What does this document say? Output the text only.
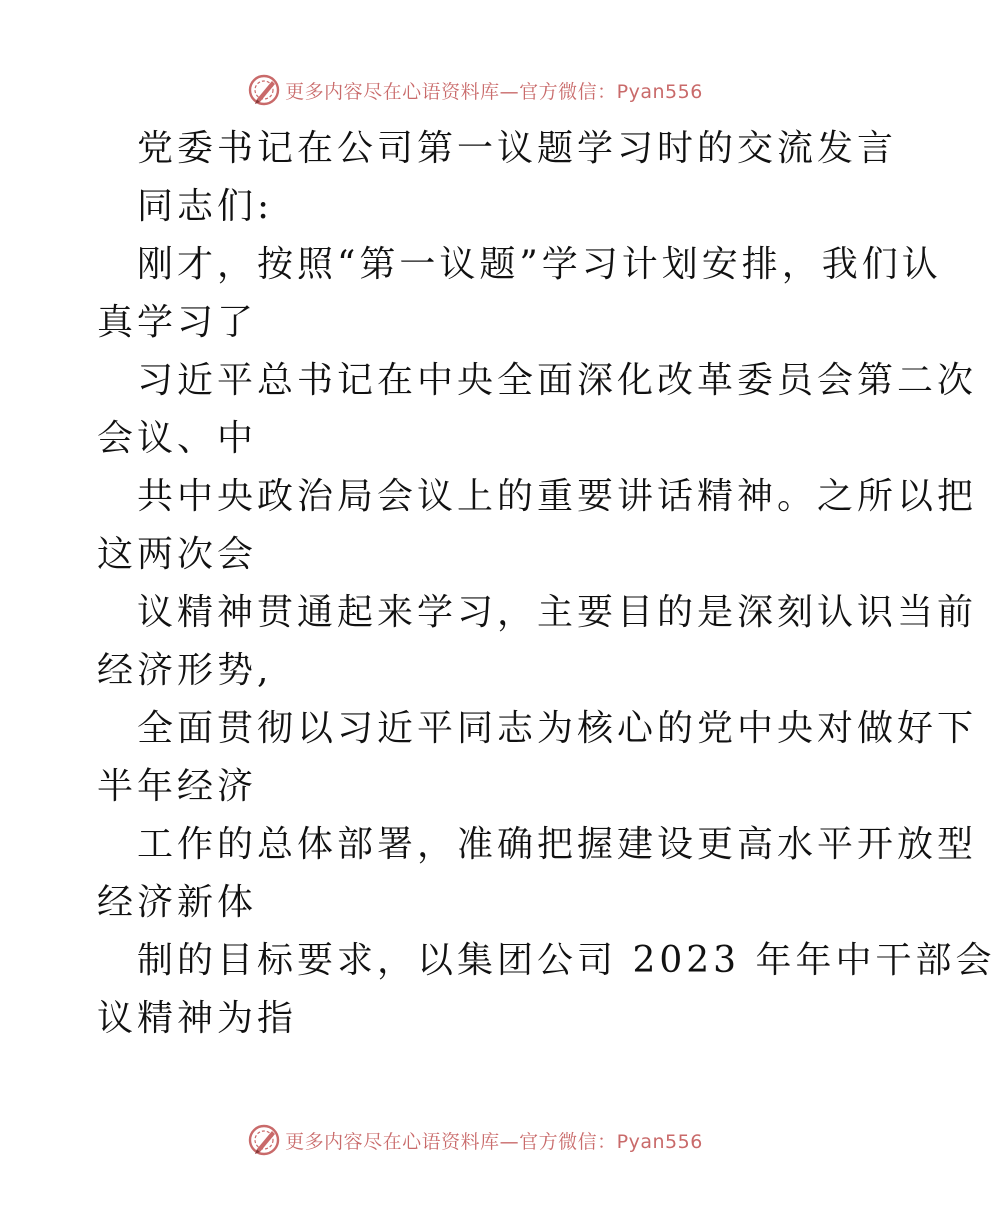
更多内容尽在心语资料库—官方微信：Pyan556
党委书记在公司第一议题学习时的交流发言
同志们:
刚才，按照“第一议题”学习计划安排，我们认
真学习了
习近平总书记在中央全面深化改革委员会第二次
会议、中
共中央政治局会议上的重要讲话精神。之所以把
这两次会
议精神贯通起来学习，主要目的是深刻认识当前
经济形势,
全面贯彻以习近平同志为核心的党中央对做好下
半年经济
工作的总体部署，准确把握建设更高水平开放型
经济新体
制的目标要求，以集团公司 2023 年年中干部会
议精神为指
更多内容尽在心语资料库—官方微信：Pyan556
